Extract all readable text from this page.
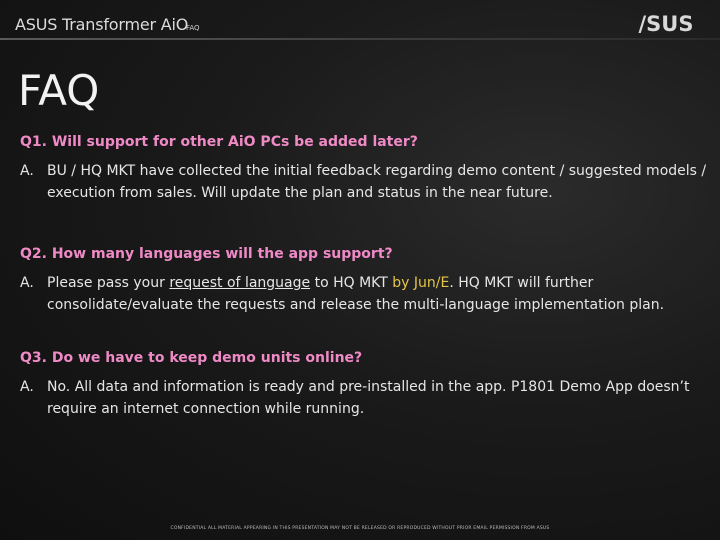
ASUS Transformer AiO
FAQ	/SUS
FAQ

Q1. Will support for other AiO PCs be added later?

A. BU / HQ MKT have collected the initial feedback regarding demo content / suggested models / execution from sales. Will update the plan and status in the near future.

Q2. How many languages will the app support?

A. Please pass your request of language to HQ MKT by Jun/E. HQ MKT will further consolidate/evaluate the requests and release the multi-language implementation plan.

Q3. Do we have to keep demo units online?

A. No. All data and information is ready and pre-installed in the app. P1801 Demo App doesn’t require an internet connection while running.
CONFIDENTIAL ALL MATERIAL APPEARING IN THIS PRESENTATION MAY NOT BE RELEASED OR REPRODUCED WITHOUT PRIOR EMAIL PERMISSION FROM ASUS
